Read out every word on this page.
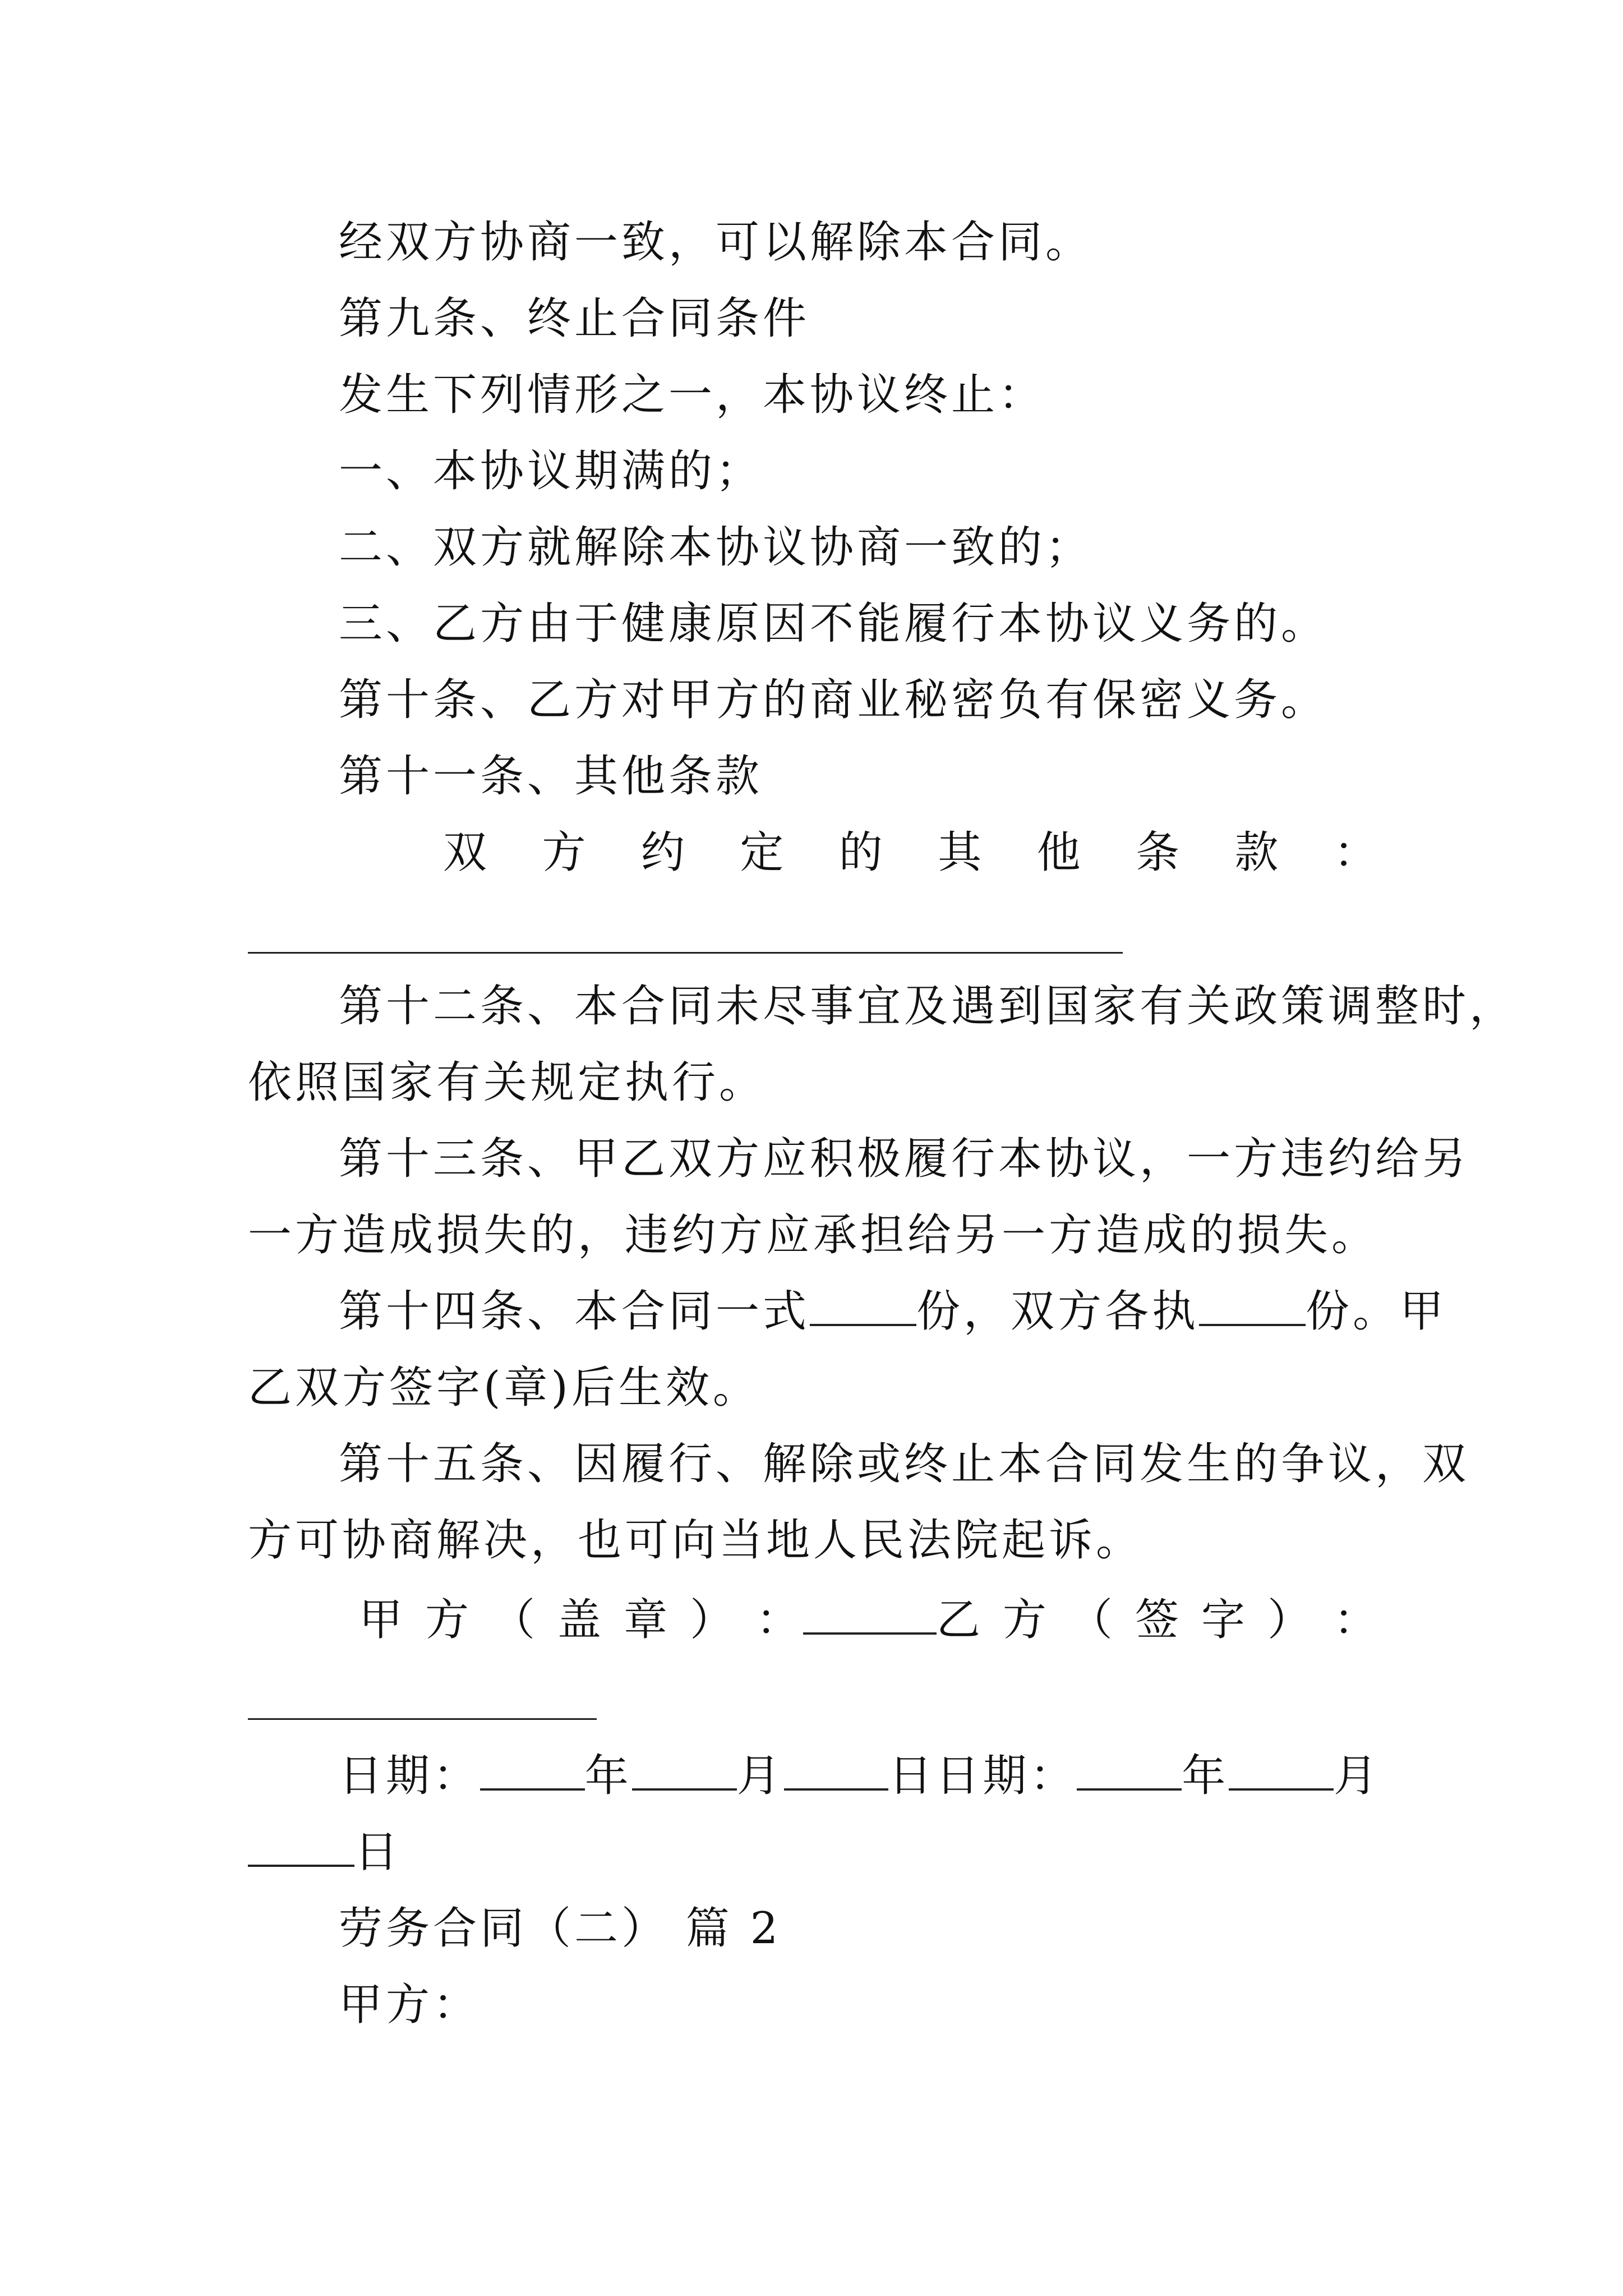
经双方协商一致，可以解除本合同。
第九条、终止合同条件
发生下列情形之一，本协议终止：
一、本协议期满的；
二、双方就解除本协议协商一致的；
三、乙方由于健康原因不能履行本协议义务的。
第十条、乙方对甲方的商业秘密负有保密义务。
第十一条、其他条款
双 方 约 定 的 其 他 条 款 ：
第十二条、本合同未尽事宜及遇到国家有关政策调整时，
依照国家有关规定执行。
第十三条、甲乙双方应积极履行本协议，一方违约给另
一方造成损失的，违约方应承担给另一方造成的损失。
第十四条、本合同一式 份，双方各执 份。甲
乙双方签字(章)后生效。
第十五条、因履行、解除或终止本合同发生的争议，双
方可协商解决，也可向当地人民法院起诉。
甲 方 （ 盖 章 ） ：	乙 方 （ 签 字 ） ：
日期： 年 月 日 日期： 年 月
日
劳务合同（二） 篇 2
甲方：
